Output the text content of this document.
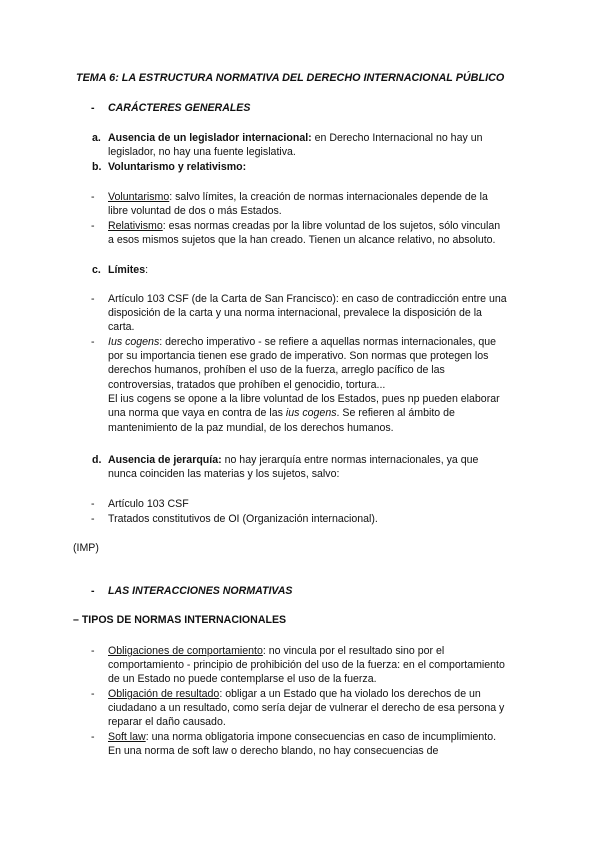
TEMA 6: LA ESTRUCTURA NORMATIVA DEL DERECHO INTERNACIONAL PÚBLICO
- CARÁCTERES GENERALES
a. Ausencia de un legislador internacional: en Derecho Internacional no hay un
legislador, no hay una fuente legislativa.
b. Voluntarismo y relativismo:
- Voluntarismo: salvo límites, la creación de normas internacionales depende de la
libre voluntad de dos o más Estados.
- Relativismo: esas normas creadas por la libre voluntad de los sujetos, sólo vinculan
a esos mismos sujetos que la han creado. Tienen un alcance relativo, no absoluto.
c. Límites:
- Artículo 103 CSF (de la Carta de San Francisco): en caso de contradicción entre una
disposición de la carta y una norma internacional, prevalece la disposición de la
carta.
- Ius cogens: derecho imperativo - se refiere a aquellas normas internacionales, que
por su importancia tienen ese grado de imperativo. Son normas que protegen los
derechos humanos, prohíben el uso de la fuerza, arreglo pacífico de las
controversias, tratados que prohíben el genocidio, tortura...
El ius cogens se opone a la libre voluntad de los Estados, pues np pueden elaborar
una norma que vaya en contra de las ius cogens. Se refieren al ámbito de
mantenimiento de la paz mundial, de los derechos humanos.
d. Ausencia de jerarquía: no hay jerarquía entre normas internacionales, ya que
nunca coinciden las materias y los sujetos, salvo:
- Artículo 103 CSF
- Tratados constitutivos de OI (Organización internacional).
(IMP)
- LAS INTERACCIONES NORMATIVAS
– TIPOS DE NORMAS INTERNACIONALES
- Obligaciones de comportamiento: no vincula por el resultado sino por el
comportamiento - principio de prohibición del uso de la fuerza: en el comportamiento
de un Estado no puede contemplarse el uso de la fuerza.
- Obligación de resultado: obligar a un Estado que ha violado los derechos de un
ciudadano a un resultado, como sería dejar de vulnerar el derecho de esa persona y
reparar el daño causado.
- Soft law: una norma obligatoria impone consecuencias en caso de incumplimiento.
En una norma de soft law o derecho blando, no hay consecuencias de
